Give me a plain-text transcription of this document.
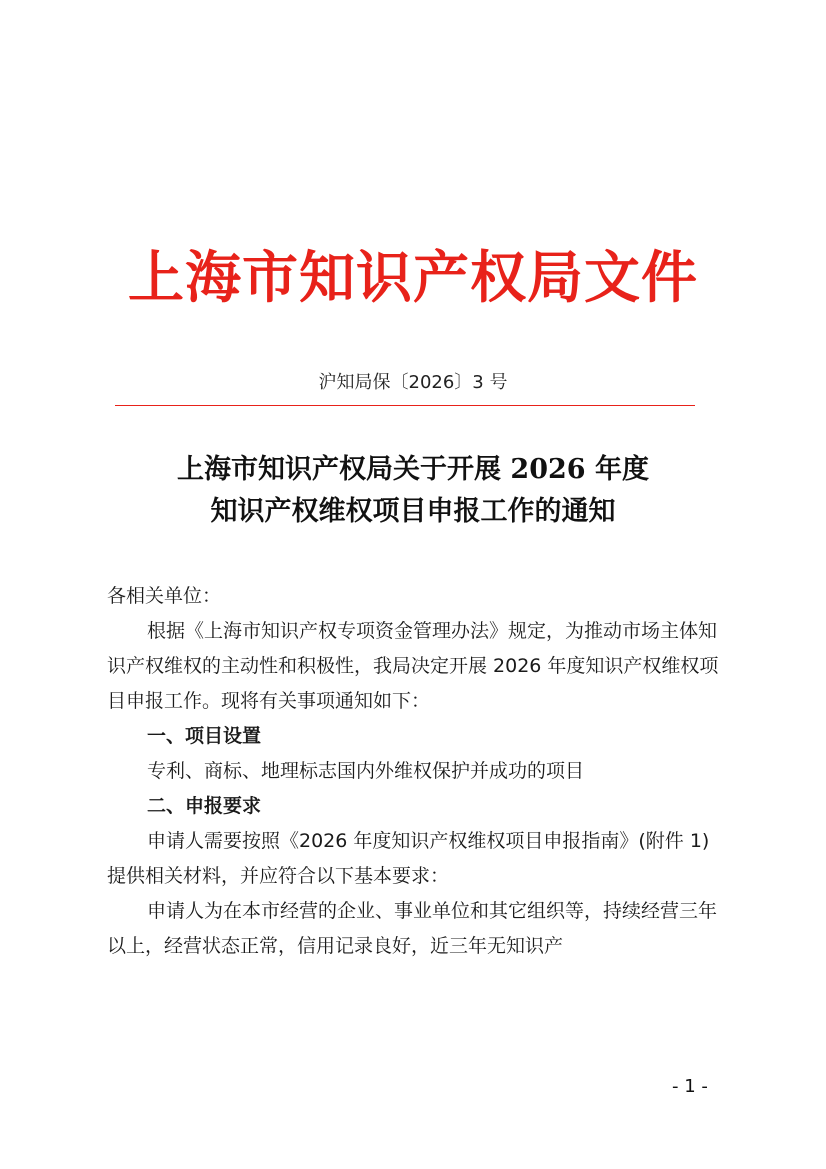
上海市知识产权局文件
沪知局保〔2026〕3 号
上海市知识产权局关于开展 2026 年度
知识产权维权项目申报工作的通知

各相关单位：

根据《上海市知识产权专项资金管理办法》规定，为推动市场主体知识产权维权的主动性和积极性，我局决定开展 2026 年度知识产权维权项目申报工作。现将有关事项通知如下：

一、项目设置

专利、商标、地理标志国内外维权保护并成功的项目

二、申报要求

申请人需要按照《2026 年度知识产权维权项目申报指南》(附件 1) 提供相关材料，并应符合以下基本要求：

申请人为在本市经营的企业、事业单位和其它组织等，持续经营三年以上，经营状态正常，信用记录良好，近三年无知识产

- 1 -
